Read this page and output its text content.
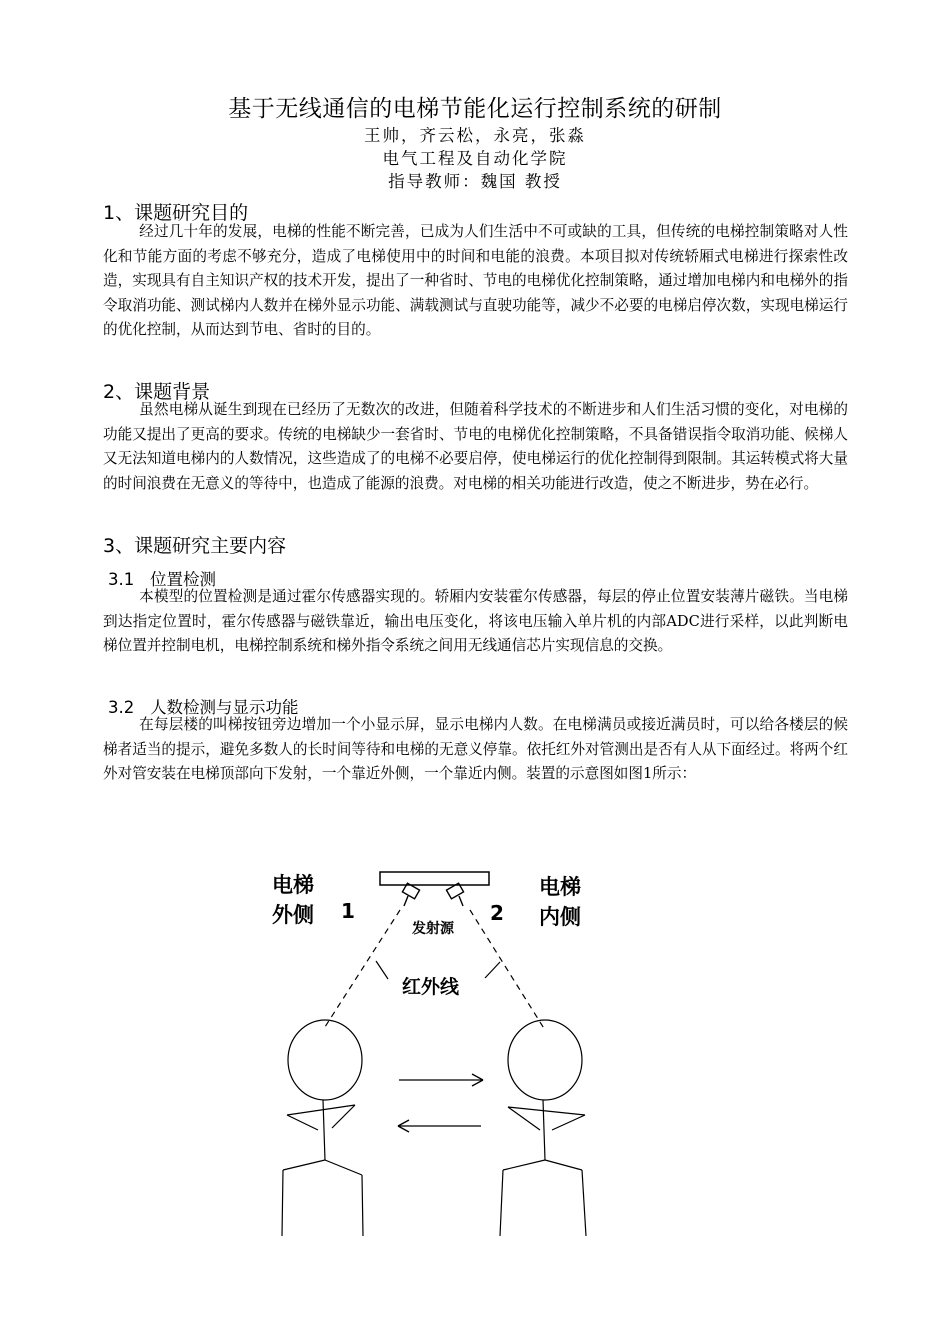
基于无线通信的电梯节能化运行控制系统的研制
王帅，齐云松，永亮，张淼
电气工程及自动化学院
指导教师：魏国 教授
1、课题研究目的
经过几十年的发展，电梯的性能不断完善，已成为人们生活中不可或缺的工具，但传统的电梯控制策略对人性化和节能方面的考虑不够充分，造成了电梯使用中的时间和电能的浪费。本项目拟对传统轿厢式电梯进行探索性改造，实现具有自主知识产权的技术开发，提出了一种省时、节电的电梯优化控制策略，通过增加电梯内和电梯外的指令取消功能、测试梯内人数并在梯外显示功能、满载测试与直驶功能等，减少不必要的电梯启停次数，实现电梯运行的优化控制，从而达到节电、省时的目的。
2、课题背景
虽然电梯从诞生到现在已经历了无数次的改进，但随着科学技术的不断进步和人们生活习惯的变化，对电梯的功能又提出了更高的要求。传统的电梯缺少一套省时、节电的电梯优化控制策略，不具备错误指令取消功能、候梯人又无法知道电梯内的人数情况，这些造成了的电梯不必要启停，使电梯运行的优化控制得到限制。其运转模式将大量的时间浪费在无意义的等待中，也造成了能源的浪费。对电梯的相关功能进行改造，使之不断进步，势在必行。
3、课题研究主要内容
3.1   位置检测
本模型的位置检测是通过霍尔传感器实现的。轿厢内安装霍尔传感器，每层的停止位置安装薄片磁铁。当电梯到达指定位置时，霍尔传感器与磁铁靠近，输出电压变化，将该电压输入单片机的内部ADC进行采样，以此判断电梯位置并控制电机，电梯控制系统和梯外指令系统之间用无线通信芯片实现信息的交换。
3.2   人数检测与显示功能
在每层楼的叫梯按钮旁边增加一个小显示屏，显示电梯内人数。在电梯满员或接近满员时，可以给各楼层的候梯者适当的提示，避免多数人的长时间等待和电梯的无意义停靠。依托红外对管测出是否有人从下面经过。将两个红外对管安装在电梯顶部向下发射，一个靠近外侧，一个靠近内侧。装置的示意图如图1所示：
电梯
外侧 1	2
电梯
内侧
发射源
红外线
